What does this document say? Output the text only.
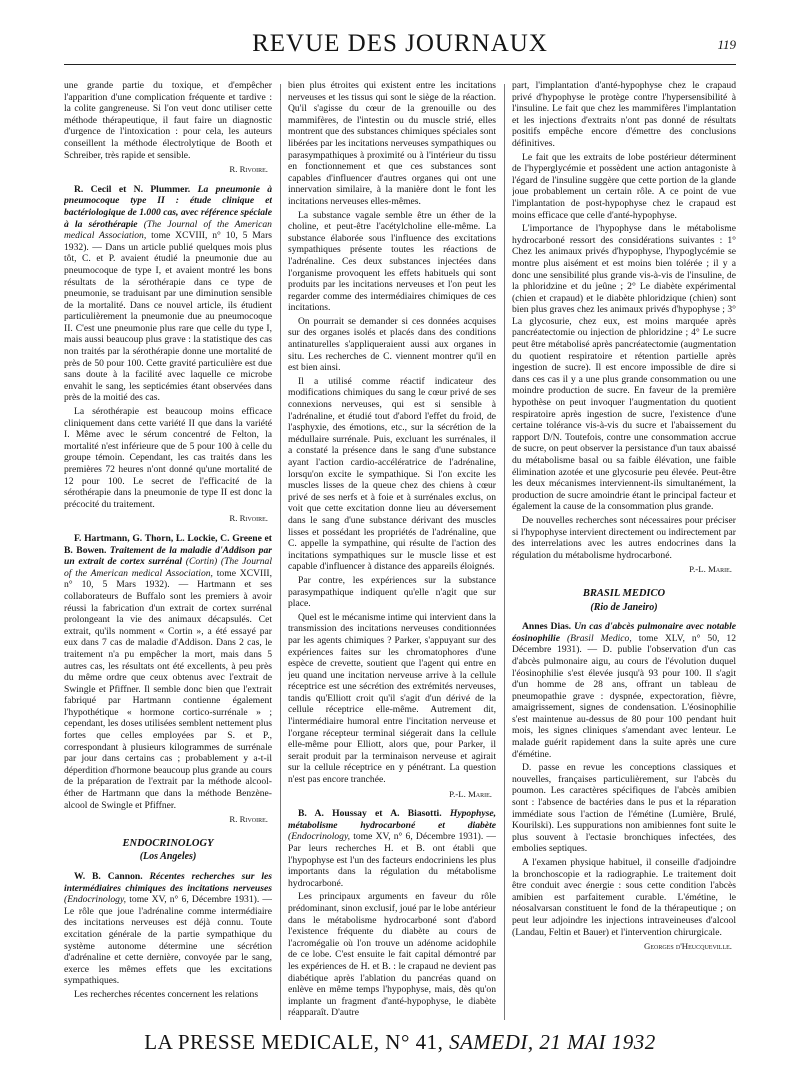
REVUE DES JOURNAUX	119

une grande partie du toxique, et d'empêcher l'apparition d'une complication fréquente et tardive : la colite gangreneuse. Si l'on veut donc utiliser cette méthode thérapeutique, il faut faire un diagnostic d'urgence de l'intoxication : pour cela, les auteurs conseillent la méthode électrolytique de Booth et Schreiber, très rapide et sensible.

R. Rivoire.

R. Cecil et N. Plummer. La pneumonie à pneumocoque type II : étude clinique et bactériologique de 1.000 cas, avec référence spéciale à la sérothérapie (The Journal of the American medical Association, tome XCVIII, n° 10, 5 Mars 1932). — Dans un article publié quelques mois plus tôt, C. et P. avaient étudié la pneumonie due au pneumocoque de type I, et avaient montré les bons résultats de la sérothérapie dans ce type de pneumonie, se traduisant par une diminution sensible de la mortalité. Dans ce nouvel article, ils étudient particulièrement la pneumonie due au pneumocoque II. C'est une pneumonie plus rare que celle du type I, mais aussi beaucoup plus grave : la statistique des cas non traités par la sérothérapie donne une mortalité de près de 50 pour 100. Cette gravité particulière est due sans doute à la facilité avec laquelle ce microbe envahit le sang, les septicémies étant observées dans près de la moitié des cas.

La sérothérapie est beaucoup moins efficace cliniquement dans cette variété II que dans la variété I. Même avec le sérum concentré de Felton, la mortalité n'est inférieure que de 5 pour 100 à celle du groupe témoin. Cependant, les cas traités dans les premières 72 heures n'ont donné qu'une mortalité de 12 pour 100. Le secret de l'efficacité de la sérothérapie dans la pneumonie de type II est donc la précocité du traitement.

R. Rivoire.

F. Hartmann, G. Thorn, L. Lockie, C. Greene et B. Bowen. Traitement de la maladie d'Addison par un extrait de cortex surrénal (Cortin) (The Journal of the American medical Association, tome XCVIII, n° 10, 5 Mars 1932). — Hartmann et ses collaborateurs de Buffalo sont les premiers à avoir réussi la fabrication d'un extrait de cortex surrénal prolongeant la vie des animaux décapsulés. Cet extrait, qu'ils nomment « Cortin », a été essayé par eux dans 7 cas de maladie d'Addison. Dans 2 cas, le traitement n'a pu empêcher la mort, mais dans 5 autres cas, les résultats ont été excellents, à peu près du même ordre que ceux obtenus avec l'extrait de Swingle et Pfiffner. Il semble donc bien que l'extrait fabriqué par Hartmann contienne également l'hypothétique « hormone cortico-surrénale » ; cependant, les doses utilisées semblent nettement plus fortes que celles employées par S. et P., correspondant à plusieurs kilogrammes de surrénale par jour dans certains cas ; probablement y a-t-il déperdition d'hormone beaucoup plus grande au cours de la préparation de l'extrait par la méthode alcool-éther de Hartmann que dans la méthode Benzène-alcool de Swingle et Pfiffner.

R. Rivoire.
ENDOCRINOLOGY
(Los Angeles)

W. B. Cannon. Récentes recherches sur les intermédiaires chimiques des incitations nerveuses (Endocrinology, tome XV, n° 6, Décembre 1931). — Le rôle que joue l'adrénaline comme intermédiaire des incitations nerveuses est déjà connu. Toute excitation générale de la partie sympathique du système autonome détermine une sécrétion d'adrénaline et cette dernière, convoyée par le sang, exerce les mêmes effets que les excitations sympathiques.

Les recherches récentes concernent les relations

bien plus étroites qui existent entre les incitations nerveuses et les tissus qui sont le siège de la réaction. Qu'il s'agisse du cœur de la grenouille ou des mammifères, de l'intestin ou du muscle strié, elles montrent que des substances chimiques spéciales sont libérées par les incitations nerveuses sympathiques ou parasympathiques à proximité ou à l'intérieur du tissu en fonctionnement et que ces substances sont capables d'influencer d'autres organes qui ont une innervation similaire, à la manière dont le font les incitations nerveuses elles-mêmes.

La substance vagale semble être un éther de la choline, et peut-être l'acétylcholine elle-même. La substance élaborée sous l'influence des excitations sympathiques présente toutes les réactions de l'adrénaline. Ces deux substances injectées dans l'organisme provoquent les effets habituels qui sont produits par les incitations nerveuses et l'on peut les regarder comme des intermédiaires chimiques de ces incitations.

On pourrait se demander si ces données acquises sur des organes isolés et placés dans des conditions antinaturelles s'appliqueraient aussi aux organes in situ. Les recherches de C. viennent montrer qu'il en est bien ainsi.

Il a utilisé comme réactif indicateur des modifications chimiques du sang le cœur privé de ses connexions nerveuses, qui est si sensible à l'adrénaline, et étudié tout d'abord l'effet du froid, de l'asphyxie, des émotions, etc., sur la sécrétion de la médullaire surrénale. Puis, excluant les surrénales, il a constaté la présence dans le sang d'une substance ayant l'action cardio-accélératrice de l'adrénaline, lorsqu'on excite le sympathique. Si l'on excite les muscles lisses de la queue chez des chiens à cœur privé de ses nerfs et à foie et à surrénales exclus, on voit que cette excitation donne lieu au déversement dans le sang d'une substance dérivant des muscles lisses et possédant les propriétés de l'adrénaline, que C. appelle la sympathine, qui résulte de l'action des incitations sympathiques sur le muscle lisse et est capable d'influencer à distance des appareils éloignés.

Par contre, les expériences sur la substance parasympathique indiquent qu'elle n'agit que sur place.

Quel est le mécanisme intime qui intervient dans la transmission des incitations nerveuses conditionnées par les agents chimiques ? Parker, s'appuyant sur des expériences faites sur les chromatophores d'une espèce de crevette, soutient que l'agent qui entre en jeu quand une incitation nerveuse arrive à la cellule réceptrice est une sécrétion des extrémités nerveuses, tandis qu'Elliott croit qu'il s'agit d'un dérivé de la cellule réceptrice elle-même. Autrement dit, l'intermédiaire humoral entre l'incitation nerveuse et l'organe récepteur terminal siégerait dans la cellule elle-même pour Elliott, alors que, pour Parker, il serait produit par la terminaison nerveuse et agirait sur la cellule réceptrice en y pénétrant. La question n'est pas encore tranchée.

P.-L. Marie.

B. A. Houssay et A. Biasotti. Hypophyse, métabolisme hydrocarboné et diabète (Endocrinology, tome XV, n° 6, Décembre 1931). — Par leurs recherches H. et B. ont établi que l'hypophyse est l'un des facteurs endocriniens les plus importants dans la régulation du métabolisme hydrocarboné.

Les principaux arguments en faveur du rôle prédominant, sinon exclusif, joué par le lobe antérieur dans le métabolisme hydrocarboné sont d'abord l'existence fréquente du diabète au cours de l'acromégalie où l'on trouve un adénome acidophile de ce lobe. C'est ensuite le fait capital démontré par les expériences de H. et B. : le crapaud ne devient pas diabétique après l'ablation du pancréas quand on enlève en même temps l'hypophyse, mais, dès qu'on implante un fragment d'anté-hypophyse, le diabète réapparaît. D'autre

part, l'implantation d'anté-hypophyse chez le crapaud privé d'hypophyse le protège contre l'hypersensibilité à l'insuline. Le fait que chez les mammifères l'implantation et les injections d'extraits n'ont pas donné de résultats positifs empêche encore d'émettre des conclusions définitives.

Le fait que les extraits de lobe postérieur déterminent de l'hyperglycémie et possèdent une action antagoniste à l'égard de l'insuline suggère que cette portion de la glande joue probablement un certain rôle. A ce point de vue l'implantation de post-hypophyse chez le crapaud est moins efficace que celle d'anté-hypophyse.

L'importance de l'hypophyse dans le métabolisme hydrocarboné ressort des considérations suivantes : 1° Chez les animaux privés d'hypophyse, l'hypoglycémie se montre plus aisément et est moins bien tolérée ; il y a donc une sensibilité plus grande vis-à-vis de l'insuline, de la phloridzine et du jeûne ; 2° Le diabète expérimental (chien et crapaud) et le diabète phloridzique (chien) sont bien plus graves chez les animaux privés d'hypophyse ; 3° La glycosurie, chez eux, est moins marquée après pancréatectomie ou injection de phloridzine ; 4° Le sucre peut être métabolisé après pancréatectomie (augmentation du quotient respiratoire et rétention partielle après ingestion de sucre). Il est encore impossible de dire si dans ces cas il y a une plus grande consommation ou une moindre production de sucre. En faveur de la première hypothèse on peut invoquer l'augmentation du quotient respiratoire après ingestion de sucre, l'existence d'une certaine tolérance vis-à-vis du sucre et l'abaissement du rapport D/N. Toutefois, contre une consommation accrue de sucre, on peut observer la persistance d'un taux abaissé du métabolisme basal ou sa faible élévation, une faible élimination azotée et une glycosurie peu élevée. Peut-être les deux mécanismes interviennent-ils simultanément, la production de sucre amoindrie étant le principal facteur et également la cause de la consommation plus grande.

De nouvelles recherches sont nécessaires pour préciser si l'hypophyse intervient directement ou indirectement par des interrelations avec les autres endocrines dans la régulation du métabolisme hydrocarboné.

P.-L. Marie.
BRASIL MEDICO
(Rio de Janeiro)

Annes Dias. Un cas d'abcès pulmonaire avec notable éosinophilie (Brasil Medico, tome XLV, n° 50, 12 Décembre 1931). — D. publie l'observation d'un cas d'abcès pulmonaire aigu, au cours de l'évolution duquel l'éosinophilie s'est élevée jusqu'à 93 pour 100. Il s'agit d'un homme de 28 ans, offrant un tableau de pneumopathie grave : dyspnée, expectoration, fièvre, amaigrissement, signes de condensation. L'éosinophilie s'est maintenue au-dessus de 80 pour 100 pendant huit mois, les signes cliniques s'amendant avec lenteur. Le malade guérit rapidement dans la suite après une cure d'émétine.

D. passe en revue les conceptions classiques et nouvelles, françaises particulièrement, sur l'abcès du poumon. Les caractères spécifiques de l'abcès amibien sont : l'absence de bactéries dans le pus et la réparation immédiate sous l'action de l'émétine (Lumière, Brulé, Kourilski). Les suppurations non amibiennes font suite le plus souvent à l'ectasie bronchiques infectées, des embolies septiques.

A l'examen physique habituel, il conseille d'adjoindre la bronchoscopie et la radiographie. Le traitement doit être conduit avec énergie : sous cette condition l'abcès amibien est parfaitement curable. L'émétine, le néosalvarsan constituent le fond de la thérapeutique ; on peut leur adjoindre les injections intraveineuses d'alcool (Landau, Feltin et Bauer) et l'intervention chirurgicale.

Georges d'Heucqueville.
LA PRESSE MEDICALE, N° 41, SAMEDI, 21 MAI 1932
